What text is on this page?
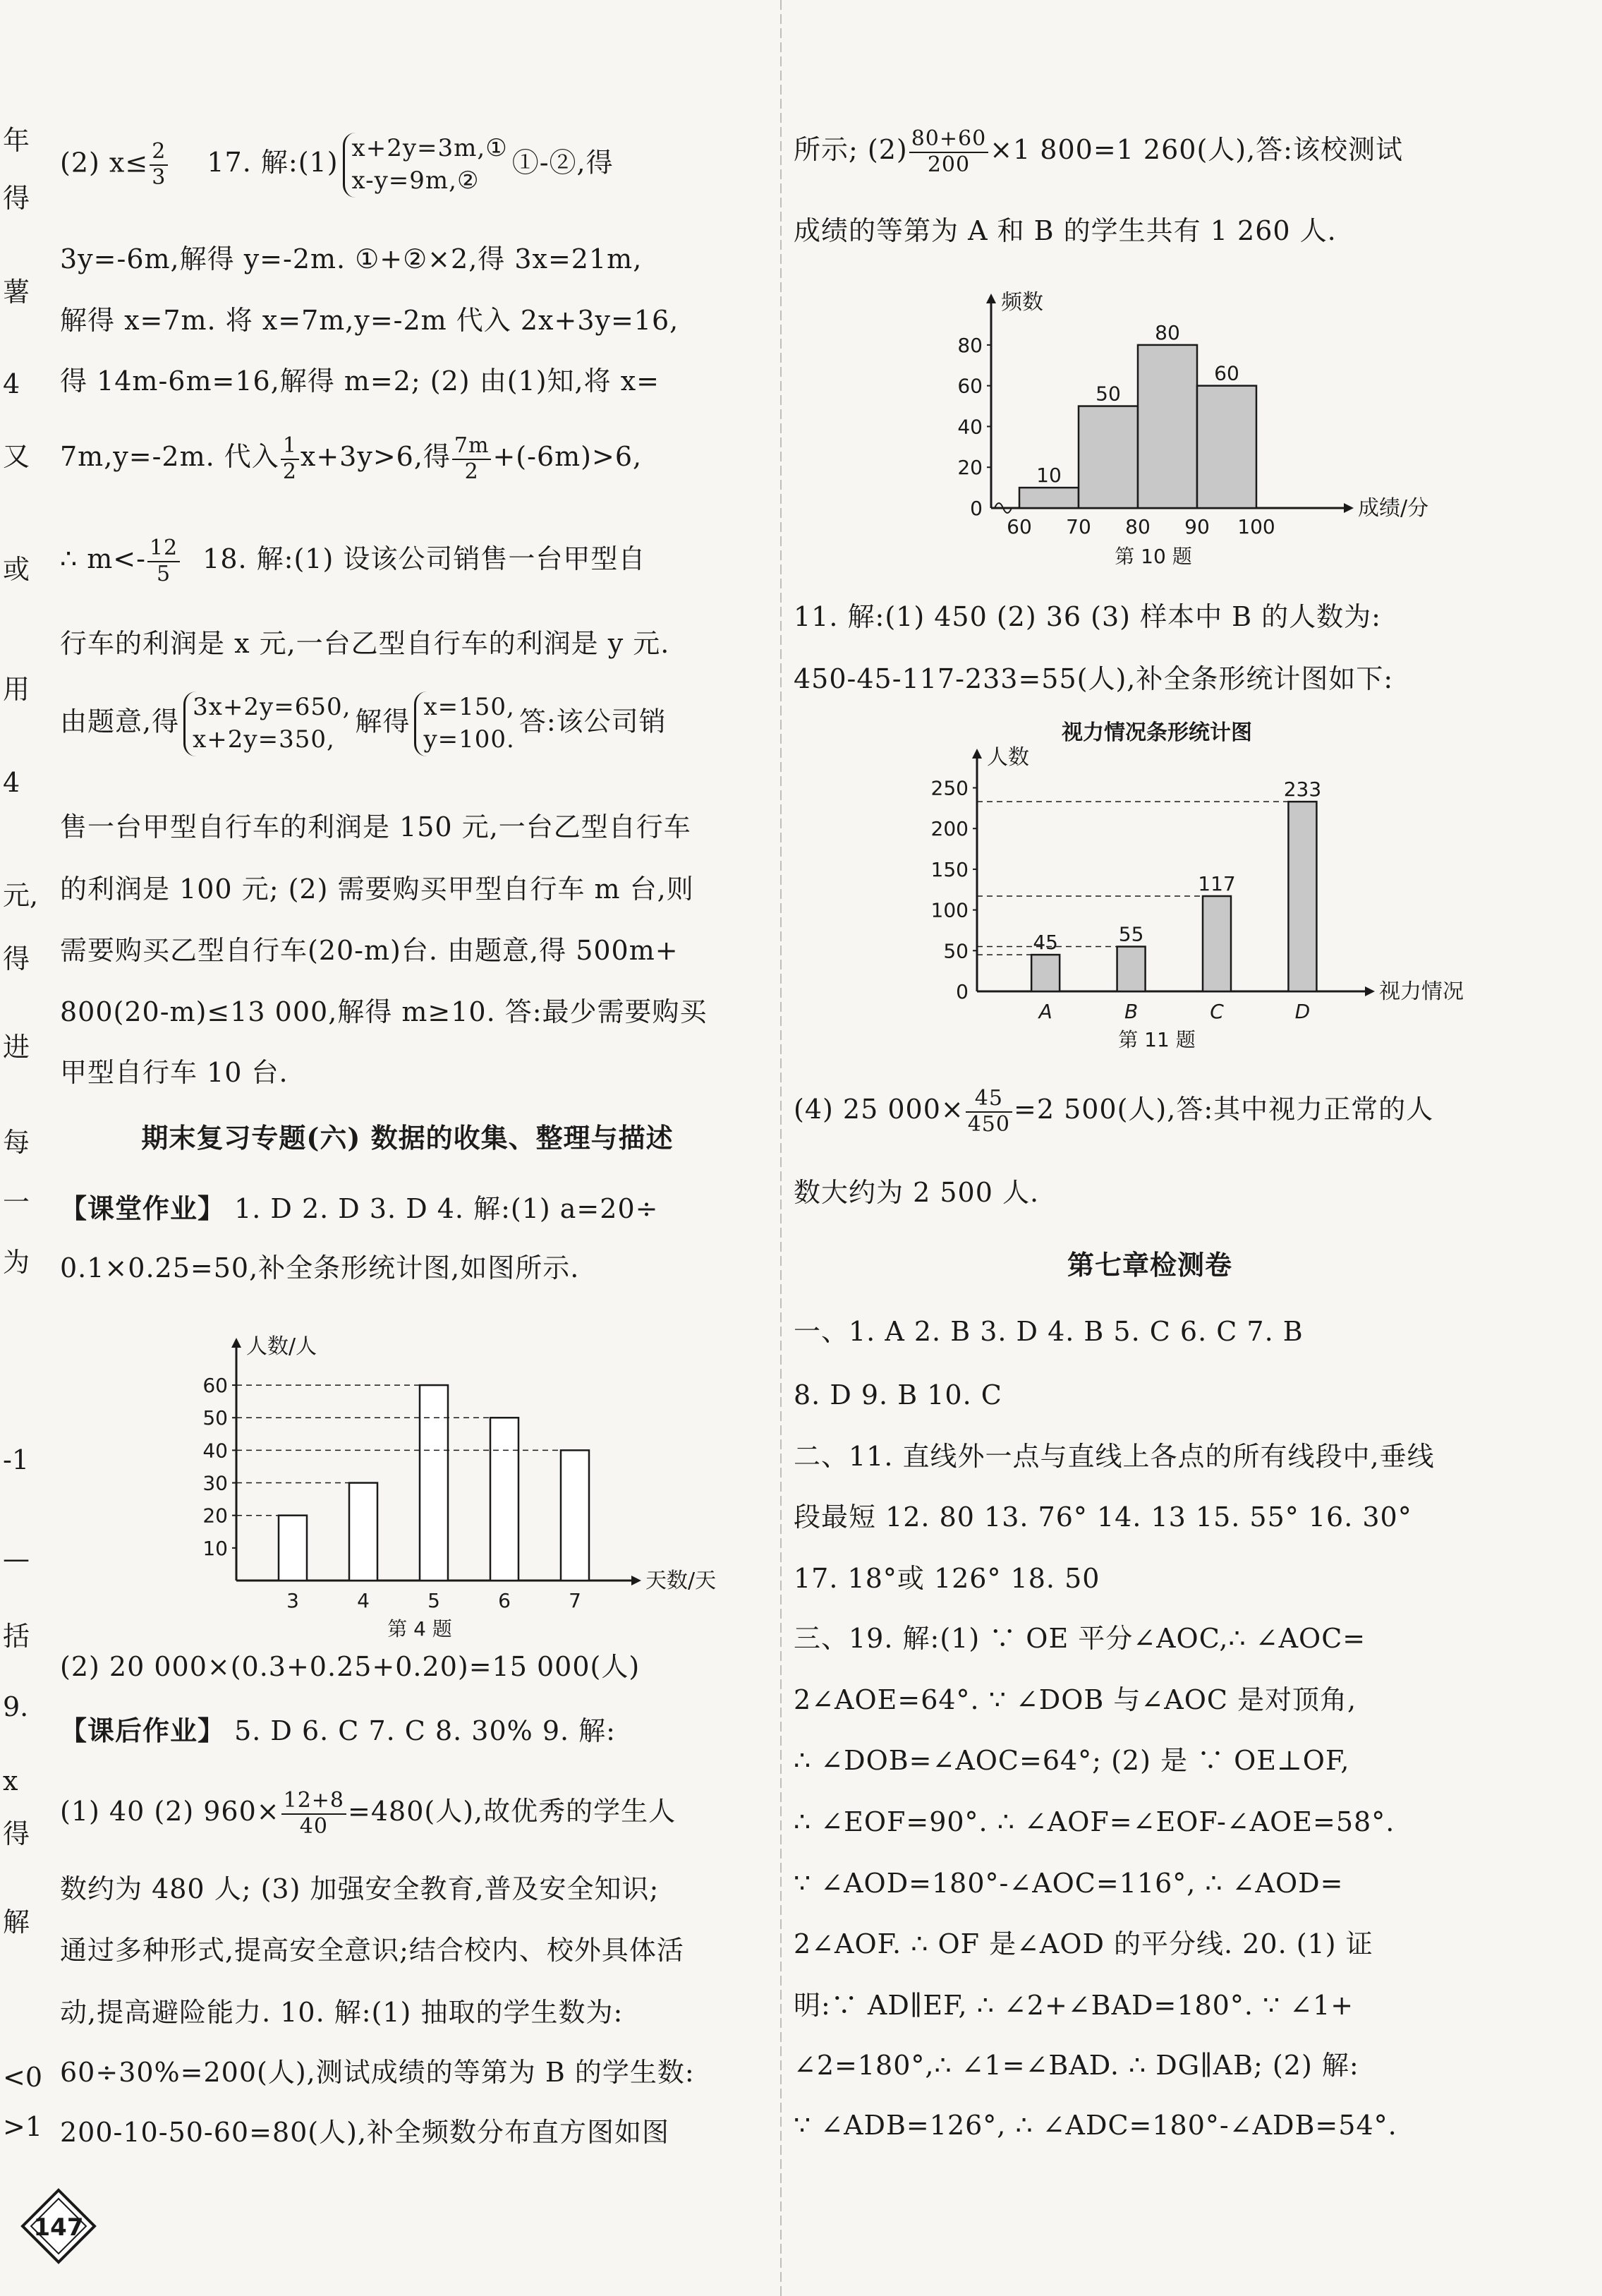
年
得
薯
4
又
或
用
4
元,
得
进
每
一
为
-1
—
括
9.
x
得
解
<0
>1
(2) $x\le \frac{2}{3} 17$. 解:(1) x+2y=3m,①
x-y=9m,②
①-②,得
3y=-6m,解得 y=-2m. ①+②×2,得 3x=21m,
解得 x=7m. 将 x=7m,y=-2m 代入 2x+3y=16,
得 14m-6m=16,解得 m=2; (2) 由(1)知,将 x=
7m,y=-2m. 代入 $\frac{1}{2} x+3y>6$,得 $\frac{7m}{2} +(-6m)>6$,
∴ $m<- \frac{12}{5} 18$. 解:(1) 设该公司销售一台甲型自
行车的利润是 x 元,一台乙型自行车的利润是 y 元.
由题意,得 3x+2y=650,
x+2y=350,
解得 x=150,
y=100.
答:该公司销
售一台甲型自行车的利润是 150 元,一台乙型自行车
的利润是 100 元; (2) 需要购买甲型自行车 m 台,则
需要购买乙型自行车(20-m)台. 由题意,得 500m+
800(20-m)≤13 000,解得 m≥10. 答:最少需要购买
甲型自行车 10 台.
期末复习专题(六) 数据的收集、整理与描述
【课堂作业】 1. D 2. D 3. D 4. 解:(1) a=20÷
0.1×0.25=50,补全条形统计图,如图所示.
人数/人
天数/天
10
20
30
40
50
60
3	4	5	6	7
第 4 题
(2) 20 000×(0.3+0.25+0.20)=15 000(人)
【课后作业】 5. D 6. C 7. C 8. 30% 9. 解:
(1) 40 (2) $960\times \frac{12+8}{40} =480$(人),故优秀的学生人
数约为 480 人; (3) 加强安全教育,普及安全知识;
通过多种形式,提高安全意识;结合校内、校外具体活
动,提高避险能力. 10. 解:(1) 抽取的学生数为:
60÷30%=200(人),测试成绩的等第为 B 的学生数:
200-10-50-60=80(人),补全频数分布直方图如图
所示; $(2) \frac{80+60}{200} \times 1$ 800=1 260(人),答:该校测试
成绩的等第为 A 和 B 的学生共有 1 260 人.
频数
成绩/分
0
20
40
60
80
60 70 80 90 100
10
50
80
60
第 10 题
11. 解:(1) 450 (2) 36 (3) 样本中 B 的人数为:
450-45-117-233=55(人),补全条形统计图如下:
视力情况条形统计图
人数
视力情况
0
50
100
150
200
250
A
45
B
55
C
117
D
233
第 11 题
(4) 25 $000\times \frac{45}{450} =2$ 500(人),答:其中视力正常的人
数大约为 2 500 人.
第七章检测卷
一、1. A 2. B 3. D 4. B 5. C 6. C 7. B
8. D 9. B 10. C
二、11. 直线外一点与直线上各点的所有线段中,垂线
段最短 12. 80 13. 76° 14. 13 15. 55° 16. 30°
17. 18°或 126° 18. 50
三、19. 解:(1) ∵ OE 平分∠AOC,∴ ∠AOC=
2∠AOE=64°. ∵ ∠DOB 与∠AOC 是对顶角,
∴ ∠DOB=∠AOC=64°; (2) 是 ∵ OE⊥OF,
∴ ∠EOF=90°. ∴ ∠AOF=∠EOF-∠AOE=58°.
∵ ∠AOD=180°-∠AOC=116°, ∴ ∠AOD=
2∠AOF. ∴ OF 是∠AOD 的平分线. 20. (1) 证
明:∵ AD∥EF, ∴ ∠2+∠BAD=180°. ∵ ∠1+
∠2=180°,∴ ∠1=∠BAD. ∴ DG∥AB; (2) 解:
∵ ∠ADB=126°, ∴ ∠ADC=180°-∠ADB=54°.
147
